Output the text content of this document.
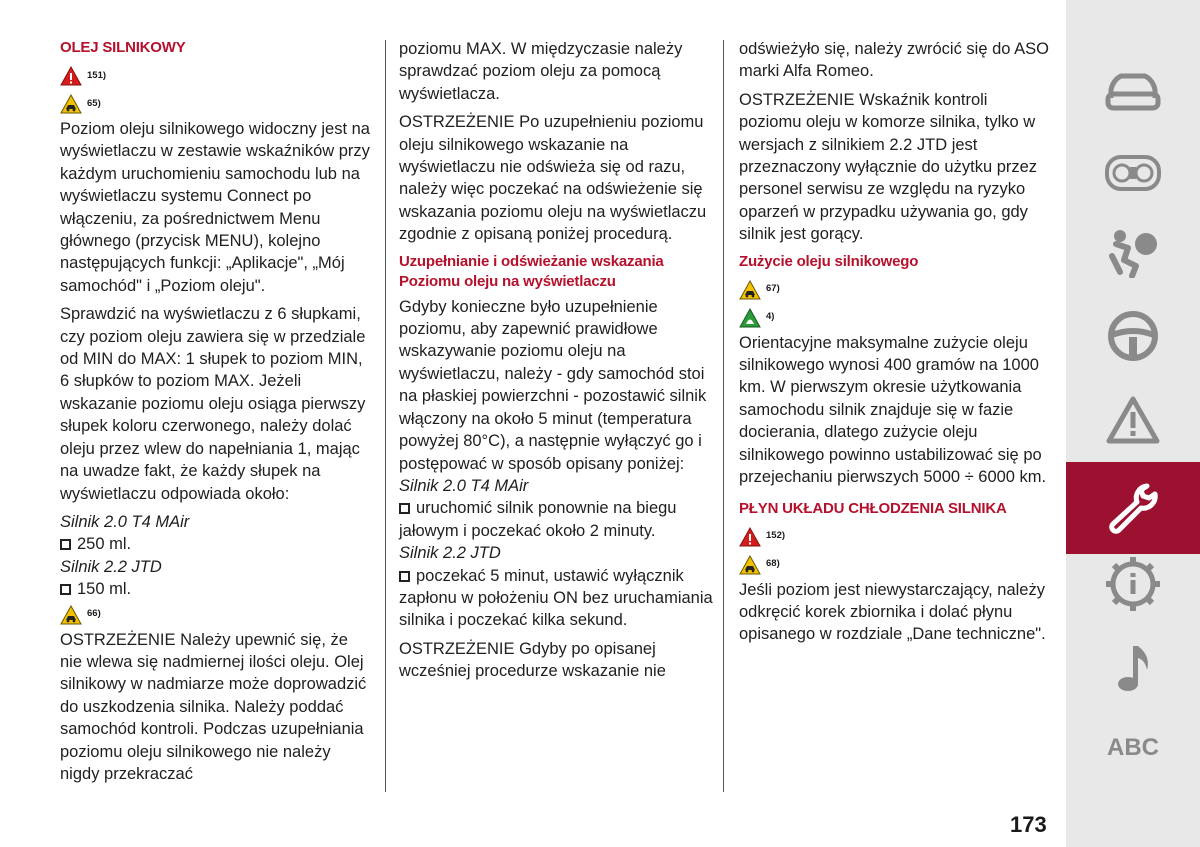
OLEJ SILNIKOWY
151)
65)

Poziom oleju silnikowego widoczny jest na wyświetlaczu w zestawie wskaźników przy każdym uruchomieniu samochodu lub na wyświetlaczu systemu Connect po włączeniu, za pośrednictwem Menu głównego (przycisk MENU), kolejno następujących funkcji: „Aplikacje", „Mój samochód" i „Poziom oleju".

Sprawdzić na wyświetlaczu z 6 słupkami, czy poziom oleju zawiera się w przedziale od MIN do MAX: 1 słupek to poziom MIN, 6 słupków to poziom MAX. Jeżeli wskazanie poziomu oleju osiąga pierwszy słupek koloru czerwonego, należy dolać oleju przez wlew do napełniania 1, mając na uwadze fakt, że każdy słupek na wyświetlaczu odpowiada około:

Silnik 2.0 T4 MAir
250 ml.
Silnik 2.2 JTD
150 ml.
66)

OSTRZEŻENIE Należy upewnić się, że nie wlewa się nadmiernej ilości oleju. Olej silnikowy w nadmiarze może doprowadzić do uszkodzenia silnika. Należy poddać samochód kontroli. Podczas uzupełniania poziomu oleju silnikowego nie należy nigdy przekraczać

poziomu MAX. W międzyczasie należy sprawdzać poziom oleju za pomocą wyświetlacza.

OSTRZEŻENIE Po uzupełnieniu poziomu oleju silnikowego wskazanie na wyświetlaczu nie odświeża się od razu, należy więc poczekać na odświeżenie się wskazania poziomu oleju na wyświetlaczu zgodnie z opisaną poniżej procedurą.

Uzupełnianie i odświeżanie wskazania Poziomu oleju na wyświetlaczu

Gdyby konieczne było uzupełnienie poziomu, aby zapewnić prawidłowe wskazywanie poziomu oleju na wyświetlaczu, należy - gdy samochód stoi na płaskiej powierzchni - pozostawić silnik włączony na około 5 minut (temperatura powyżej 80°C), a następnie wyłączyć go i postępować w sposób opisany poniżej:

Silnik 2.0 T4 MAir
uruchomić silnik ponownie na biegu jałowym i poczekać około 2 minuty.
Silnik 2.2 JTD
poczekać 5 minut, ustawić wyłącznik zapłonu w położeniu ON bez uruchamiania silnika i poczekać kilka sekund.

OSTRZEŻENIE Gdyby po opisanej wcześniej procedurze wskazanie nie

odświeżyło się, należy zwrócić się do ASO marki Alfa Romeo.

OSTRZEŻENIE Wskaźnik kontroli poziomu oleju w komorze silnika, tylko w wersjach z silnikiem 2.2 JTD jest przeznaczony wyłącznie do użytku przez personel serwisu ze względu na ryzyko oparzeń w przypadku używania go, gdy silnik jest gorący.

Zużycie oleju silnikowego
67)
4)

Orientacyjne maksymalne zużycie oleju silnikowego wynosi 400 gramów na 1000 km. W pierwszym okresie użytkowania samochodu silnik znajduje się w fazie docierania, dlatego zużycie oleju silnikowego powinno ustabilizować się po przejechaniu pierwszych 5000 ÷ 6000 km.

PŁYN UKŁADU CHŁODZENIA SILNIKA
152)
68)

Jeśli poziom jest niewystarczający, należy odkręcić korek zbiornika i dolać płynu opisanego w rozdziale „Dane techniczne".

ABC
173
